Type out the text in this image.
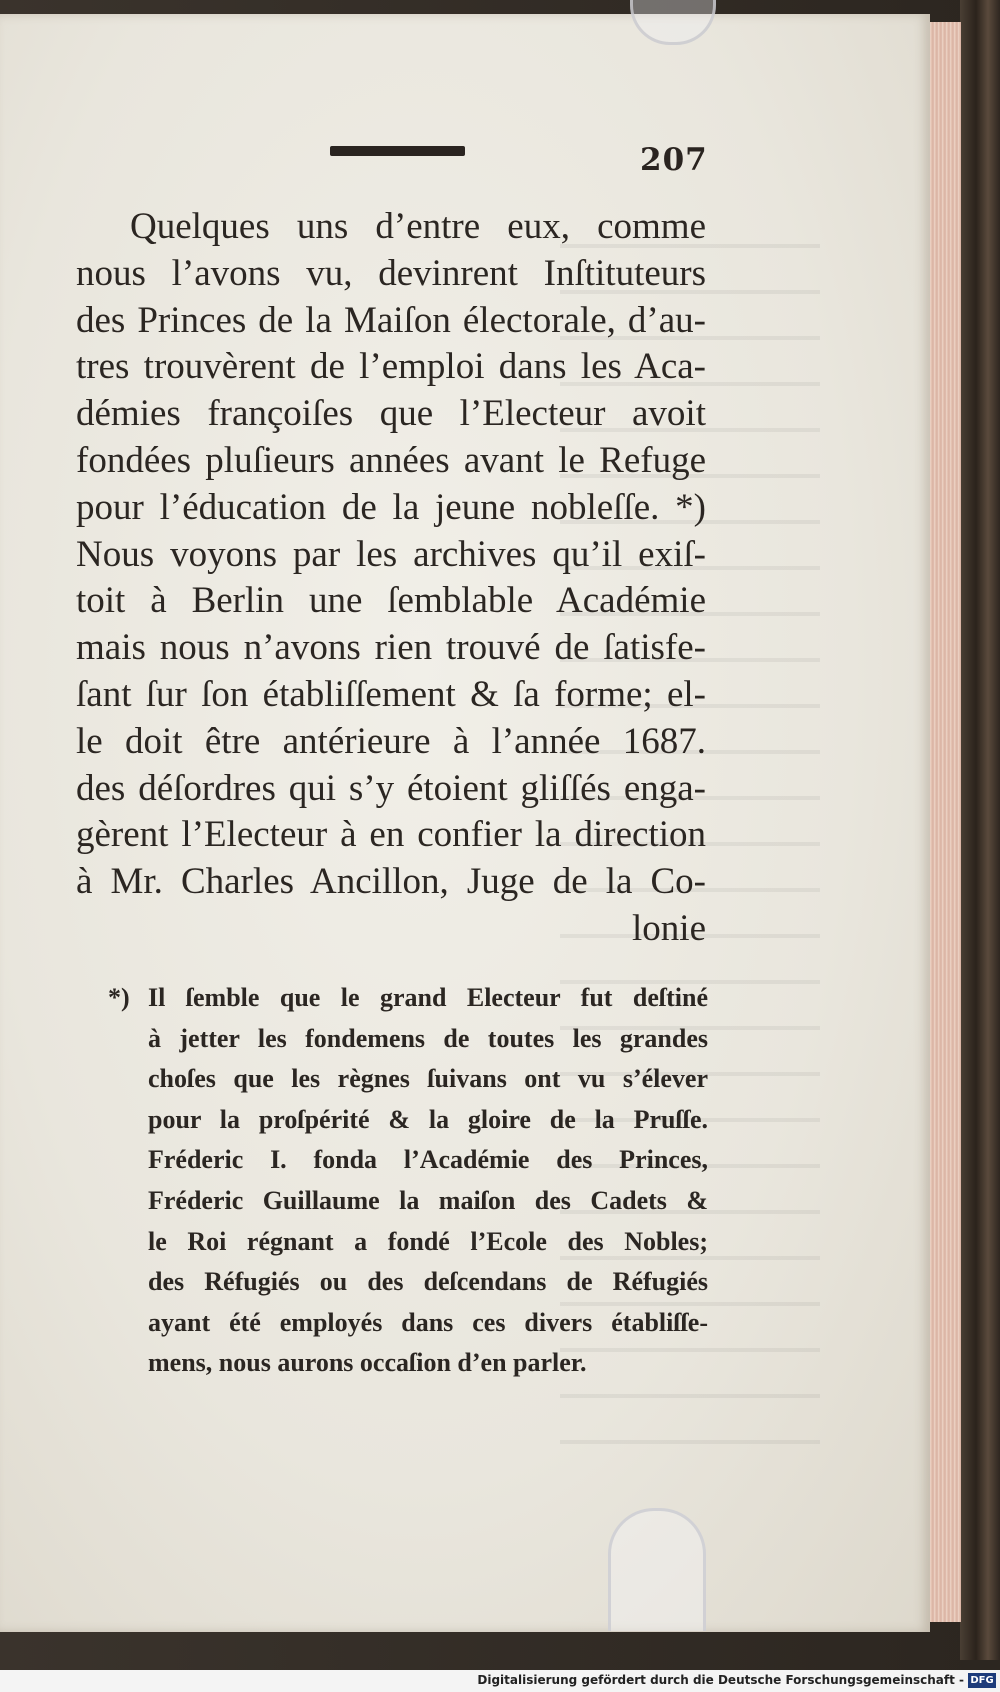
207
Quelques uns d’entre eux, comme
nous l’avons vu, devinrent Inſtituteurs
des Princes de la Maiſon électorale, d’au-
tres trouvèrent de l’emploi dans les Aca-
démies françoiſes que l’Electeur avoit
fondées pluſieurs années avant le Refuge
pour l’éducation de la jeune nobleſſe. *)
Nous voyons par les archives qu’il exiſ-
toit à Berlin une ſemblable Académie
mais nous n’avons rien trouvé de ſatisfe-
ſant ſur ſon établiſſement & ſa forme; el-
le doit être antérieure à l’année 1687.
des déſordres qui s’y étoient gliſſés enga-
gèrent l’Electeur à en confier la direction
à Mr. Charles Ancillon, Juge de la Co-
lonie
*) Il ſemble que le grand Electeur fut deſtiné
à jetter les fondemens de toutes les grandes
choſes que les règnes ſuivans ont vu s’élever
pour la proſpérité & la gloire de la Pruſſe.
Fréderic I. fonda l’Académie des Princes,
Fréderic Guillaume la maiſon des Cadets &
le Roi régnant a fondé l’Ecole des Nobles;
des Réfugiés ou des deſcendans de Réfugiés
ayant été employés dans ces divers établiſſe-
mens, nous aurons occaſion d’en parler.
Digitalisierung gefördert durch die Deutsche Forschungsgemeinschaft - DFG
